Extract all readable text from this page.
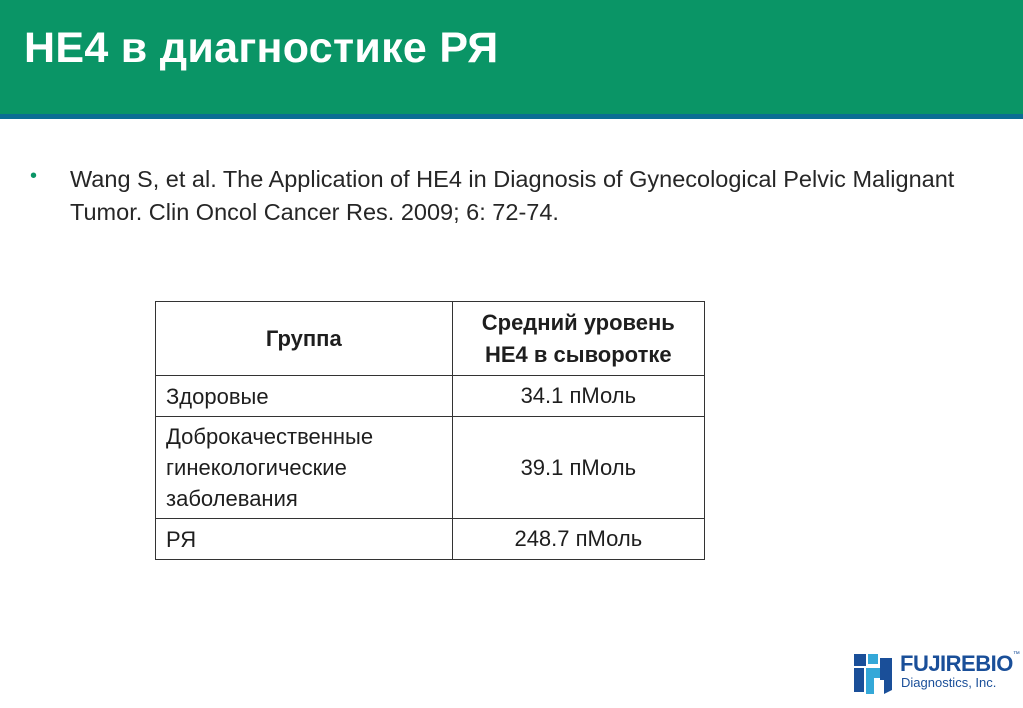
HE4 в диагностике РЯ
• Wang S, et al. The Application of HE4 in Diagnosis of Gynecological Pelvic Malignant Tumor. Clin Oncol Cancer Res. 2009; 6: 72-74.

Группа	Средний уровень HE4 в сыворотке
Здоровые	34.1 пМоль
Доброкачественные гинекологические заболевания	39.1 пМоль
РЯ	248.7 пМоль
FUJIREBIO™
Diagnostics, Inc.
